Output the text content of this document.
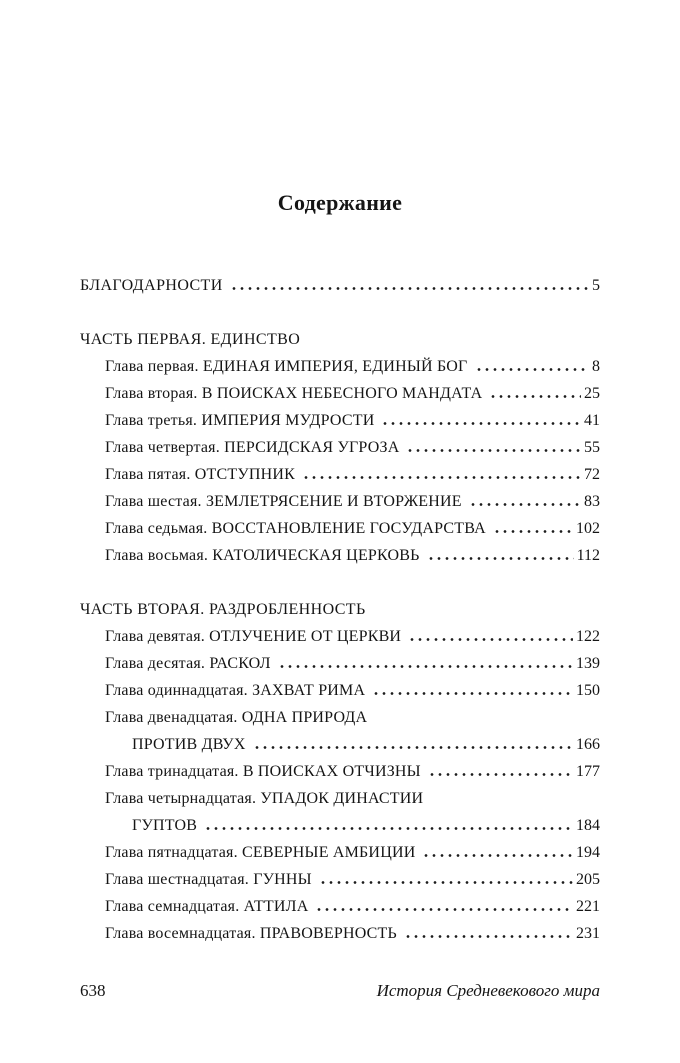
Содержание
БЛАГОДАРНОСТИ	5
ЧАСТЬ ПЕРВАЯ. ЕДИНСТВО
Глава первая. ЕДИНАЯ ИМПЕРИЯ, ЕДИНЫЙ БОГ	8
Глава вторая. В ПОИСКАХ НЕБЕСНОГО МАНДАТА	25
Глава третья. ИМПЕРИЯ МУДРОСТИ	41
Глава четвертая. ПЕРСИДСКАЯ УГРОЗА	55
Глава пятая. ОТСТУПНИК	72
Глава шестая. ЗЕМЛЕТРЯСЕНИЕ И ВТОРЖЕНИЕ	83
Глава седьмая. ВОССТАНОВЛЕНИЕ ГОСУДАРСТВА	102
Глава восьмая. КАТОЛИЧЕСКАЯ ЦЕРКОВЬ	112
ЧАСТЬ ВТОРАЯ. РАЗДРОБЛЕННОСТЬ
Глава девятая. ОТЛУЧЕНИЕ ОТ ЦЕРКВИ	122
Глава десятая. РАСКОЛ	139
Глава одиннадцатая. ЗАХВАТ РИМА	150
Глава двенадцатая. ОДНА ПРИРОДА
ПРОТИВ ДВУХ	166
Глава тринадцатая. В ПОИСКАХ ОТЧИЗНЫ	177
Глава четырнадцатая. УПАДОК ДИНАСТИИ
ГУПТОВ	184
Глава пятнадцатая. СЕВЕРНЫЕ АМБИЦИИ	194
Глава шестнадцатая. ГУННЫ	205
Глава семнадцатая. АТТИЛА	221
Глава восемнадцатая. ПРАВОВЕРНОСТЬ	231
638	История Средневекового мира
